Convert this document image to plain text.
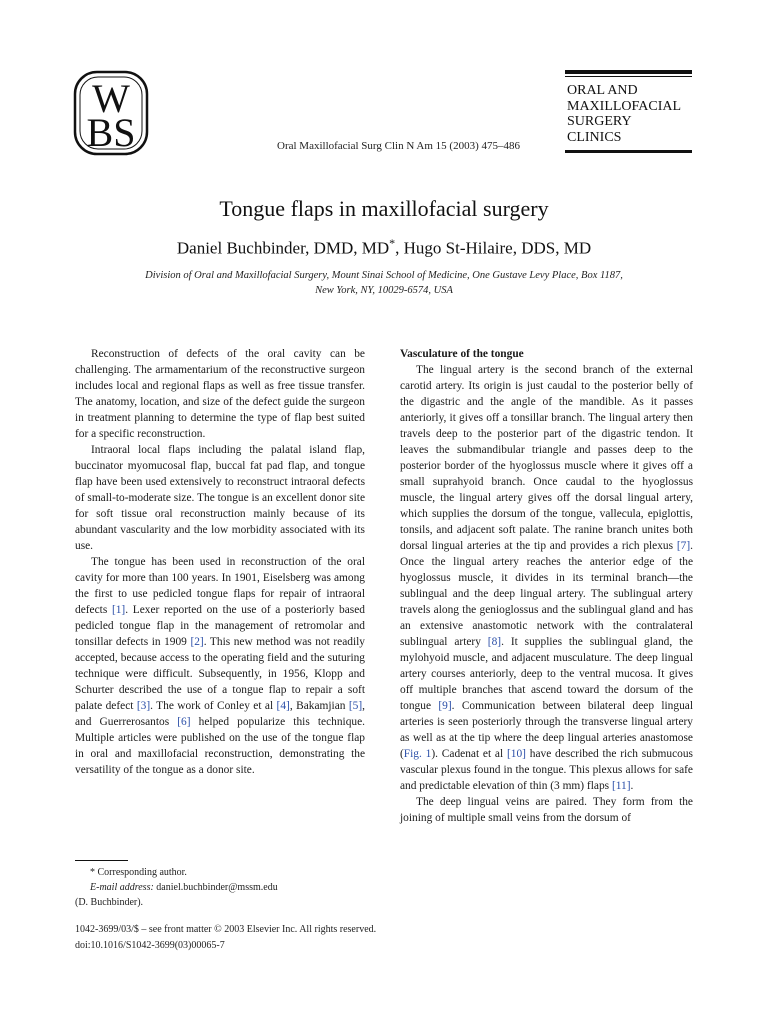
W
BS	Oral Maxillofacial Surg Clin N Am 15 (2003) 475–486
ORAL AND
MAXILLOFACIAL
SURGERY
CLINICS
Tongue flaps in maxillofacial surgery
Daniel Buchbinder, DMD, MD*, Hugo St-Hilaire, DDS, MD
Division of Oral and Maxillofacial Surgery, Mount Sinai School of Medicine, One Gustave Levy Place, Box 1187,
New York, NY, 10029-6574, USA

Reconstruction of defects of the oral cavity can be challenging. The armamentarium of the reconstructive surgeon includes local and regional flaps as well as free tissue transfer. The anatomy, location, and size of the defect guide the surgeon in treatment planning to determine the type of flap best suited for a specific reconstruction.

Intraoral local flaps including the palatal island flap, buccinator myomucosal flap, buccal fat pad flap, and tongue flap have been used extensively to reconstruct intraoral defects of small-to-moderate size. The tongue is an excellent donor site for soft tissue oral reconstruction mainly because of its abundant vascularity and the low morbidity associated with its use.

The tongue has been used in reconstruction of the oral cavity for more than 100 years. In 1901, Eiselsberg was among the first to use pedicled tongue flaps for repair of intraoral defects [1]. Lexer reported on the use of a posteriorly based pedicled tongue flap in the management of retromolar and tonsillar defects in 1909 [2]. This new method was not readily accepted, because access to the operating field and the suturing technique were difficult. Subsequently, in 1956, Klopp and Schurter described the use of a tongue flap to repair a soft palate defect [3]. The work of Conley et al [4], Bakamjian [5], and Guerrerosantos [6] helped popularize this technique. Multiple articles were published on the use of the tongue flap in oral and maxillofacial reconstruction, demonstrating the versatility of the tongue as a donor site.

Vasculature of the tongue

The lingual artery is the second branch of the external carotid artery. Its origin is just caudal to the posterior belly of the digastric and the angle of the mandible. As it passes anteriorly, it gives off a tonsillar branch. The lingual artery then travels deep to the posterior part of the digastric tendon. It leaves the submandibular triangle and passes deep to the posterior border of the hyoglossus muscle where it gives off a small suprahyoid branch. Once caudal to the hyoglossus muscle, the lingual artery gives off the dorsal lingual artery, which supplies the dorsum of the tongue, vallecula, epiglottis, tonsils, and adjacent soft palate. The ranine branch unites both dorsal lingual arteries at the tip and provides a rich plexus [7]. Once the lingual artery reaches the anterior edge of the hyoglossus muscle, it divides in its terminal branch—the sublingual and the deep lingual artery. The sublingual artery travels along the genioglossus and the sublingual gland and has an extensive anastomotic network with the contralateral sublingual artery [8]. It supplies the sublingual gland, the mylohyoid muscle, and adjacent musculature. The deep lingual artery courses anteriorly, deep to the ventral mucosa. It gives off multiple branches that ascend toward the dorsum of the tongue [9]. Communication between bilateral deep lingual arteries is seen posteriorly through the transverse lingual artery as well as at the tip where the deep lingual arteries anastomose (Fig. 1). Cadenat et al [10] have described the rich submucous vascular plexus found in the tongue. This plexus allows for safe and predictable elevation of thin (3 mm) flaps [11].

The deep lingual veins are paired. They form from the joining of multiple small veins from the dorsum of

* Corresponding author.
E-mail address: daniel.buchbinder@mssm.edu
(D. Buchbinder).
1042-3699/03/$ – see front matter © 2003 Elsevier Inc. All rights reserved.
doi:10.1016/S1042-3699(03)00065-7
